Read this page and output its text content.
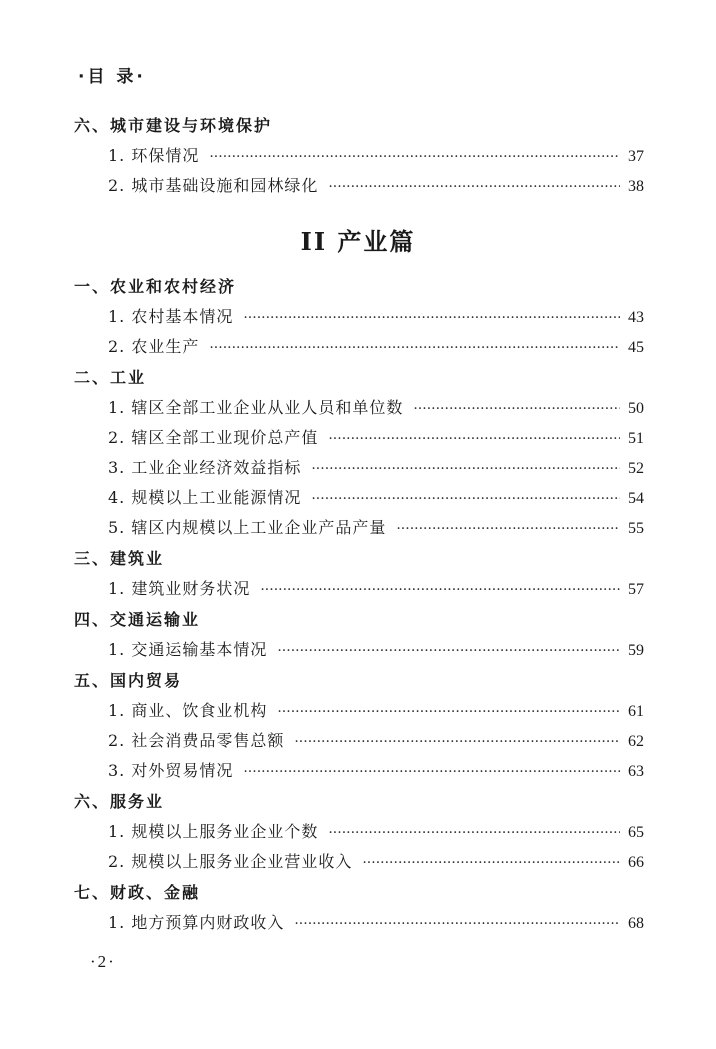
·目 录·
六、城市建设与环境保护
1. 环保情况 ·····	37
2. 城市基础设施和园林绿化 ·····	38
II 产业篇
一、农业和农村经济
1. 农村基本情况 ·····	43
2. 农业生产 ·····	45
二、工业
1. 辖区全部工业企业从业人员和单位数 ·····	50
2. 辖区全部工业现价总产值 ·····	51
3. 工业企业经济效益指标 ·····	52
4. 规模以上工业能源情况 ·····	54
5. 辖区内规模以上工业企业产品产量 ·····	55
三、建筑业
1. 建筑业财务状况 ·····	57
四、交通运输业
1. 交通运输基本情况 ·····	59
五、国内贸易
1. 商业、饮食业机构 ·····	61
2. 社会消费品零售总额 ·····	62
3. 对外贸易情况 ·····	63
六、服务业
1. 规模以上服务业企业个数 ·····	65
2. 规模以上服务业企业营业收入 ·····	66
七、财政、金融
1. 地方预算内财政收入 ·····	68
·2·
